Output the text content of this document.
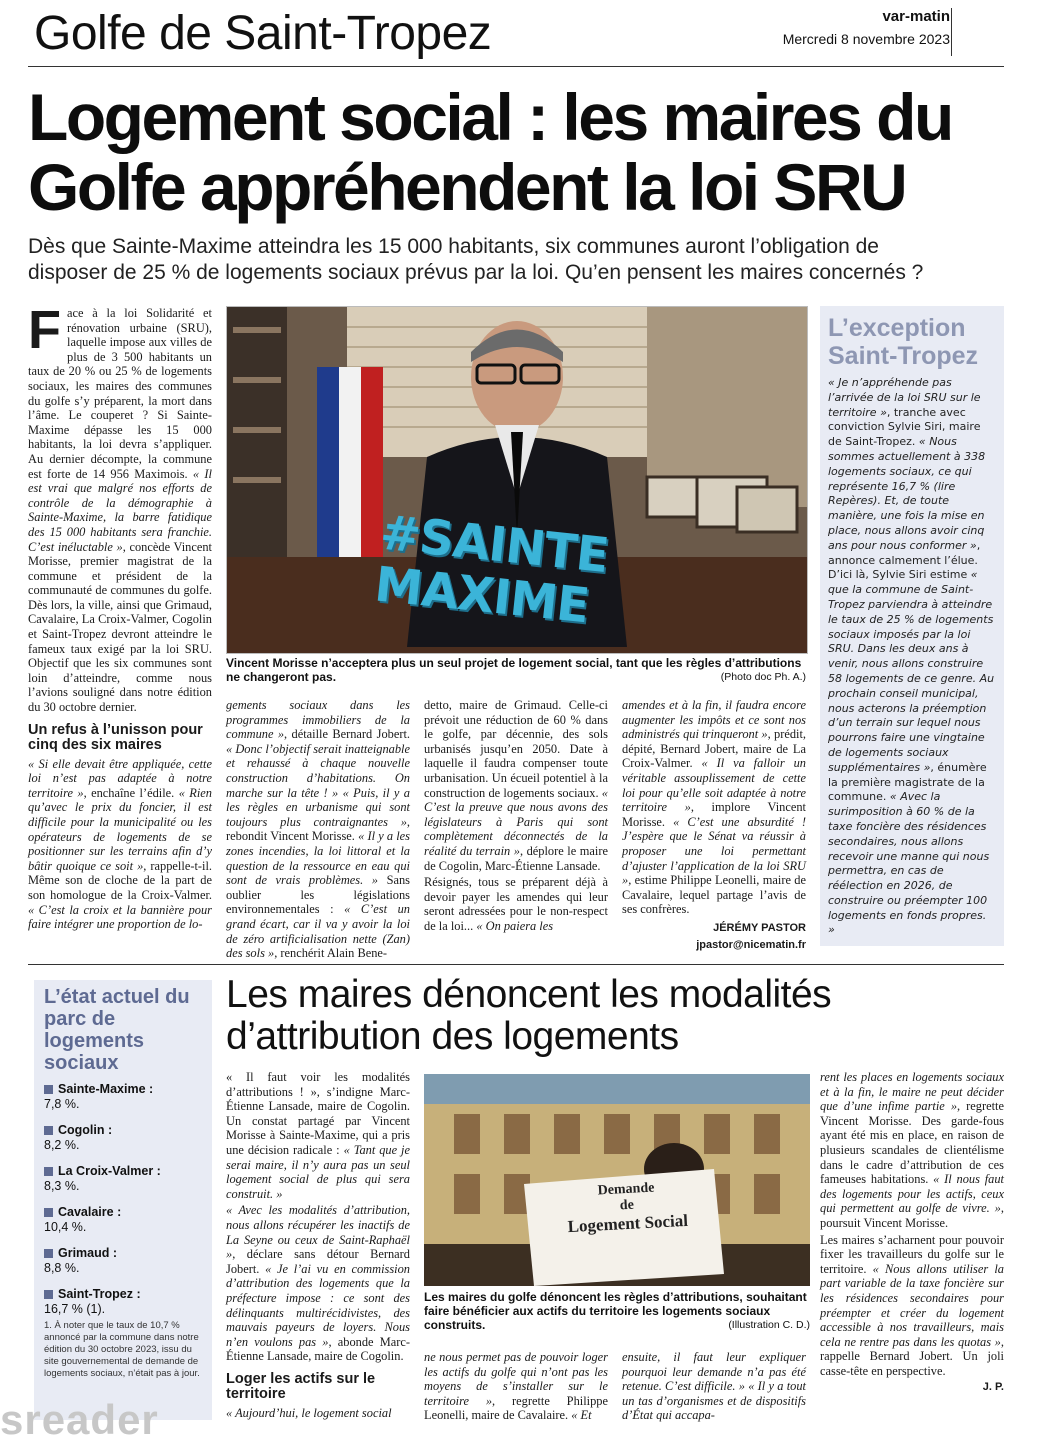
Golfe de Saint-Tropez	var-matin
Mercredi 8 novembre 2023
Logement social : les maires du
Golfe appréhendent la loi SRU
Dès que Sainte-Maxime atteindra les 15 000 habitants, six communes auront l’obligation de
disposer de 25 % de logements sociaux prévus par la loi. Qu’en pensent les maires concernés ?

Face à la loi Solidarité et rénovation urbaine (SRU), laquelle impose aux villes de plus de 3 500 habitants un taux de 20 % ou 25 % de logements sociaux, les maires des communes du golfe s’y préparent, la mort dans l’âme. Le couperet ? Si Sainte-Maxime dépasse les 15 000 habitants, la loi devra s’appliquer. Au dernier décompte, la commune est forte de 14 956 Maximois. « Il est vrai que malgré nos efforts de contrôle de la démographie à Sainte-Maxime, la barre fatidique des 15 000 habitants sera franchie. C’est inéluctable », concède Vincent Morisse, premier magistrat de la commune et président de la communauté de communes du golfe. Dès lors, la ville, ainsi que Grimaud, Cavalaire, La Croix-Valmer, Cogolin et Saint-Tropez devront atteindre le fameux taux exigé par la loi SRU. Objectif que les six communes sont loin d’atteindre, comme nous l’avions souligné dans notre édition du 30 octobre dernier.

Un refus à l’unisson pour cinq des six maires

« Si elle devait être appliquée, cette loi n’est pas adaptée à notre territoire », enchaîne l’édile. « Rien qu’avec le prix du foncier, il est difficile pour la municipalité ou les opérateurs de logements de se positionner sur les terrains afin d’y bâtir quoique ce soit », rappelle-t-il. Même son de cloche de la part de son homologue de la Croix-Valmer. « C’est la croix et la bannière pour faire intégrer une proportion de lo-

#SAINTE MAXIME
Vincent Morisse n’acceptera plus un seul projet de logement social, tant que les règles d’attributions ne changeront pas.	(Photo doc Ph. A.)

gements sociaux dans les programmes immobiliers de la commune », détaille Bernard Jobert. « Donc l’objectif serait inatteignable et rehaussé à chaque nouvelle construction d’habitations. On marche sur la tête ! » « Puis, il y a les règles en urbanisme qui sont toujours plus contraignantes », rebondit Vincent Morisse. « Il y a les zones incendies, la loi littoral et la question de la ressource en eau qui sont de vrais problèmes. » Sans oublier les législations environnementales : « C’est un grand écart, car il va y avoir la loi de zéro artificialisation nette (Zan) des sols », renchérit Alain Bene-

detto, maire de Grimaud. Celle-ci prévoit une réduction de 60 % dans le golfe, par décennie, des sols urbanisés jusqu’en 2050. Date à laquelle il faudra compenser toute urbanisation. Un écueil potentiel à la construction de logements sociaux. « C’est la preuve que nous avons des législateurs à Paris qui sont complètement déconnectés de la réalité du terrain », déplore le maire de Cogolin, Marc-Étienne Lansade.

Résignés, tous se préparent déjà à devoir payer les amendes qui leur seront adressées pour le non-respect de la loi... « On paiera les

amendes et à la fin, il faudra encore augmenter les impôts et ce sont nos administrés qui trinqueront », prédit, dépité, Bernard Jobert, maire de La Croix-Valmer. « Il va falloir un véritable assouplissement de cette loi pour qu’elle soit adaptée à notre territoire », implore Vincent Morisse. « C’est une absurdité ! J’espère que le Sénat va réussir à proposer une loi permettant d’ajuster l’application de la loi SRU », estime Philippe Leonelli, maire de Cavalaire, lequel partage l’avis de ses confrères.

JÉRÉMY PASTOR
jpastor@nicematin.fr
L’exception
Saint-Tropez
« Je n’appréhende pas l’arrivée de la loi SRU sur le territoire », tranche avec conviction Sylvie Siri, maire de Saint-Tropez. « Nous sommes actuellement à 338 logements sociaux, ce qui représente 16,7 % (lire Repères). Et, de toute manière, une fois la mise en place, nous allons avoir cinq ans pour nous conformer », annonce calmement l’élue. D’ici là, Sylvie Siri estime « que la commune de Saint-Tropez parviendra à atteindre le taux de 25 % de logements sociaux imposés par la loi SRU. Dans les deux ans à venir, nous allons construire 58 logements de ce genre. Au prochain conseil municipal, nous acterons la préemption d’un terrain sur lequel nous pourrons faire une vingtaine de logements sociaux supplémentaires », énumère la première magistrate de la commune. « Avec la surimposition à 60 % de la taxe foncière des résidences secondaires, nous allons recevoir une manne qui nous permettra, en cas de réélection en 2026, de construire ou préempter 100 logements en fonds propres. »
L’état actuel du parc de logements sociaux
Sainte-Maxime :
7,8 %.
Cogolin :
8,2 %.
La Croix-Valmer :
8,3 %.
Cavalaire :
10,4 %.
Grimaud :
8,8 %.
Saint-Tropez :
16,7 % (1).
1. À noter que le taux de 10,7 % annoncé par la commune dans notre édition du 30 octobre 2023, issu du site gouvernemental de demande de logements sociaux, n’était pas à jour.
Les maires dénoncent les modalités
d’attribution des logements

« Il faut voir les modalités d’attributions ! », s’indigne Marc-Étienne Lansade, maire de Cogolin. Un constat partagé par Vincent Morisse à Sainte-Maxime, qui a pris une décision radicale : « Tant que je serai maire, il n’y aura pas un seul logement social de plus qui sera construit. »

« Avec les modalités d’attribution, nous allons récupérer les inactifs de La Seyne ou ceux de Saint-Raphaël », déclare sans détour Bernard Jobert. « Je l’ai vu en commission d’attribution des logements que la préfecture impose : ce sont des délinquants multirécidivistes, des mauvais payeurs de loyers. Nous n’en voulons pas », abonde Marc-Étienne Lansade, maire de Cogolin.

Loger les actifs sur le territoire

« Aujourd’hui, le logement social

Demande
de
Logement Social
Les maires du golfe dénoncent les règles d’attributions, souhaitant faire bénéficier aux actifs du territoire les logements sociaux construits.	(Illustration C. D.)

ne nous permet pas de pouvoir loger les actifs du golfe qui n’ont pas les moyens de s’installer sur le territoire », regrette Philippe Leonelli, maire de Cavalaire. « Et

ensuite, il faut leur expliquer pourquoi leur demande n’a pas été retenue. C’est difficile. » « Il y a tout un tas d’organismes et de dispositifs d’État qui accapa-

rent les places en logements sociaux et à la fin, le maire ne peut décider que d’une infime partie », regrette Vincent Morisse. Des garde-fous ayant été mis en place, en raison de plusieurs scandales de clientélisme dans le cadre d’attribution de ces fameuses habitations. « Il nous faut des logements pour les actifs, ceux qui permettent au golfe de vivre. », poursuit Vincent Morisse.

Les maires s’acharnent pour pouvoir fixer les travailleurs du golfe sur le territoire. « Nous allons utiliser la part variable de la taxe foncière sur les résidences secondaires pour préempter et créer du logement accessible à nos travailleurs, mais cela ne rentre pas dans les quotas », rappelle Bernard Jobert. Un joli casse-tête en perspective.

J. P.
sreader
